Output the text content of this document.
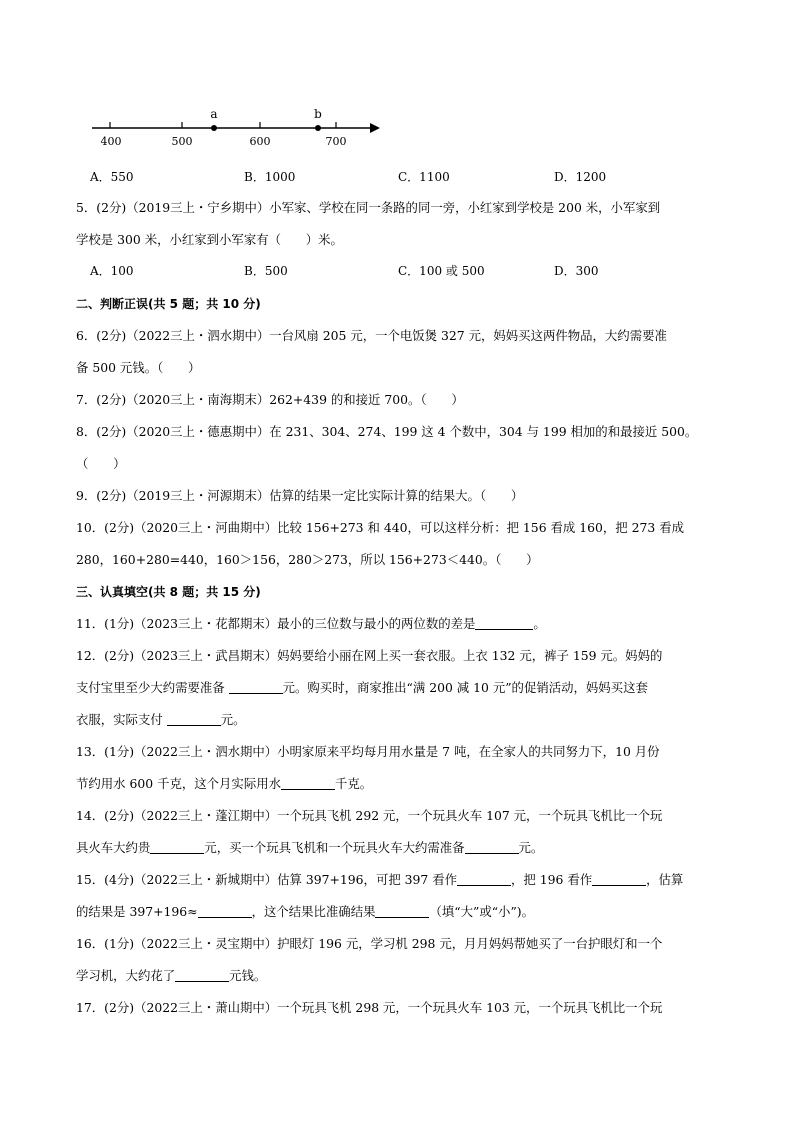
a	b
400	500	600	700
A．550	B．1000	C．1100	D．1200
5．(2分)（2019三上・宁乡期中）小军家、学校在同一条路的同一旁，小红家到学校是 200 米，小军家到
学校是 300 米，小红家到小军家有（　　）米。
A．100	B．500	C．100 或 500	D．300
二、判断正误(共 5 题；共 10 分)
6．(2分)（2022三上・泗水期中）一台风扇 205 元，一个电饭煲 327 元，妈妈买这两件物品，大约需要准
备 500 元钱。（　　）
7．(2分)（2020三上・南海期末）262+439 的和接近 700。（　　）
8．(2分)（2020三上・德惠期中）在 231、304、274、199 这 4 个数中，304 与 199 相加的和最接近 500。
（　　）
9．(2分)（2019三上・河源期末）估算的结果一定比实际计算的结果大。（　　）
10．(2分)（2020三上・河曲期中）比较 156+273 和 440，可以这样分析：把 156 看成 160，把 273 看成
280，160+280=440，160＞156，280＞273，所以 156+273＜440。（　　）
三、认真填空(共 8 题；共 15 分)
11．(1分)（2023三上・花都期末）最小的三位数与最小的两位数的差是	。
12．(2分)（2023三上・武昌期末）妈妈要给小丽在网上买一套衣服。上衣 132 元，裤子 159 元。妈妈的
支付宝里至少大约需要准备	元。购买时，商家推出“满 200 减 10 元”的促销活动，妈妈买这套
衣服，实际支付	元。
13．(1分)（2022三上・泗水期中）小明家原来平均每月用水量是 7 吨，在全家人的共同努力下，10 月份
节约用水 600 千克，这个月实际用水	千克。
14．(2分)（2022三上・蓬江期中）一个玩具飞机 292 元，一个玩具火车 107 元，一个玩具飞机比一个玩
具火车大约贵	元，买一个玩具飞机和一个玩具火车大约需准备	元。
15．(4分)（2022三上・新城期中）估算 397+196，可把 397 看作	，把 196 看作	，估算
的结果是 397+196≈	，这个结果比准确结果	（填“大”或“小”)。
16．(1分)（2022三上・灵宝期中）护眼灯 196 元，学习机 298 元，月月妈妈帮她买了一台护眼灯和一个
学习机，大约花了	元钱。
17．(2分)（2022三上・萧山期中）一个玩具飞机 298 元，一个玩具火车 103 元，一个玩具飞机比一个玩
